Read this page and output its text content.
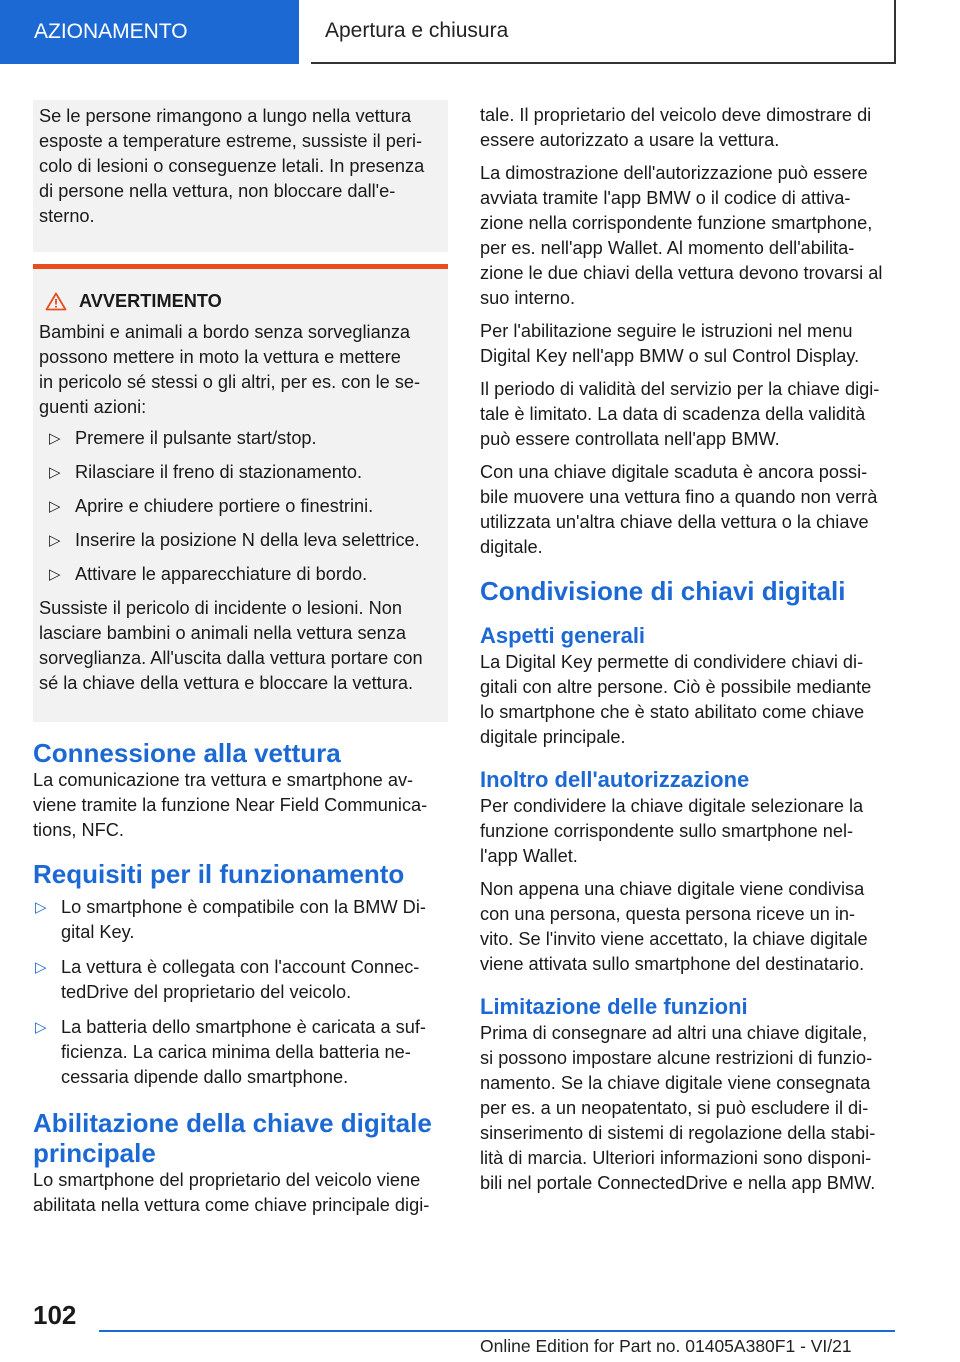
AZIONAMENTO	Apertura e chiusura

Se le persone rimangono a lungo nella vettura

esposte a temperature estreme, sussiste il peri-

colo di lesioni o conseguenze letali. In presenza

di persone nella vettura, non bloccare dall'e-

sterno.

AVVERTIMENTO

Bambini e animali a bordo senza sorveglianza

possono mettere in moto la vettura e mettere

in pericolo sé stessi o gli altri, per es. con le se-

guenti azioni:

▷ Premere il pulsante start/stop.
▷ Rilasciare il freno di stazionamento.
▷ Aprire e chiudere portiere o finestrini.
▷ Inserire la posizione N della leva selettrice.
▷ Attivare le apparecchiature di bordo.

Sussiste il pericolo di incidente o lesioni. Non

lasciare bambini o animali nella vettura senza

sorveglianza. All'uscita dalla vettura portare con

sé la chiave della vettura e bloccare la vettura.

Connessione alla vettura

La comunicazione tra vettura e smartphone av-

viene tramite la funzione Near Field Communica-

tions, NFC.

Requisiti per il funzionamento
▷ Lo smartphone è compatibile con la BMW Di-
gital Key.
▷ La vettura è collegata con l'account Connec-
tedDrive del proprietario del veicolo.
▷ La batteria dello smartphone è caricata a suf-
ficienza. La carica minima della batteria ne-
cessaria dipende dallo smartphone.
Abilitazione della chiave digitale
principale

Lo smartphone del proprietario del veicolo viene

abilitata nella vettura come chiave principale digi-

tale. Il proprietario del veicolo deve dimostrare di

essere autorizzato a usare la vettura.

La dimostrazione dell'autorizzazione può essere

avviata tramite l'app BMW o il codice di attiva-

zione nella corrispondente funzione smartphone,

per es. nell'app Wallet. Al momento dell'abilita-

zione le due chiavi della vettura devono trovarsi al

suo interno.

Per l'abilitazione seguire le istruzioni nel menu

Digital Key nell'app BMW o sul Control Display.

Il periodo di validità del servizio per la chiave digi-

tale è limitato. La data di scadenza della validità

può essere controllata nell'app BMW.

Con una chiave digitale scaduta è ancora possi-

bile muovere una vettura fino a quando non verrà

utilizzata un'altra chiave della vettura o la chiave

digitale.

Condivisione di chiavi digitali
Aspetti generali

La Digital Key permette di condividere chiavi di-

gitali con altre persone. Ciò è possibile mediante

lo smartphone che è stato abilitato come chiave

digitale principale.

Inoltro dell'autorizzazione

Per condividere la chiave digitale selezionare la

funzione corrispondente sullo smartphone nel-

l'app Wallet.

Non appena una chiave digitale viene condivisa

con una persona, questa persona riceve un in-

vito. Se l'invito viene accettato, la chiave digitale

viene attivata sullo smartphone del destinatario.

Limitazione delle funzioni

Prima di consegnare ad altri una chiave digitale,

si possono impostare alcune restrizioni di funzio-

namento. Se la chiave digitale viene consegnata

per es. a un neopatentato, si può escludere il di-

sinserimento di sistemi di regolazione della stabi-

lità di marcia. Ulteriori informazioni sono disponi-

bili nel portale ConnectedDrive e nella app BMW.

102
Online Edition for Part no. 01405A380F1 - VI/21
